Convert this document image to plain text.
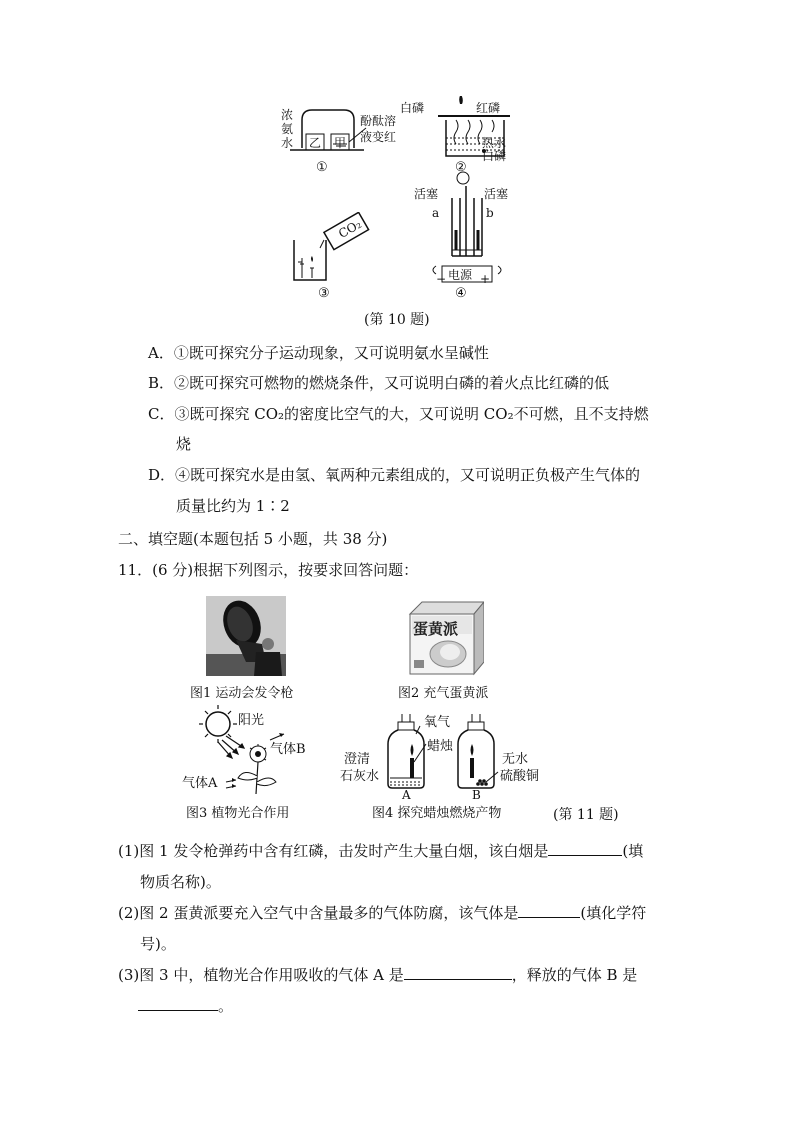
浓
氨
水 乙 甲
酚酞溶
液变红
①
白磷	红磷
热水
白磷
②
CO₂
③
活塞	活塞
a	b
电源
−	+
④
(第 10 题)
A．①既可探究分子运动现象，又可说明氨水呈碱性
B．②既可探究可燃物的燃烧条件，又可说明白磷的着火点比红磷的低
C．③既可探究 CO₂的密度比空气的大，又可说明 CO₂不可燃，且不支持燃
烧
D．④既可探究水是由氢、氧两种元素组成的，又可说明正负极产生气体的
质量比约为 1∶2
二、填空题(本题包括 5 小题，共 38 分)
11．(6 分)根据下列图示，按要求回答问题：
图1 运动会发令枪
蛋黄派
图2 充气蛋黄派
阳光
气体B
气体A
图3 植物光合作用
氧气
蜡烛
澄清
石灰水
无水
硫酸铜
A	B
图4 探究蜡烛燃烧产物	(第 11 题)
(1)图 1 发令枪弹药中含有红磷，击发时产生大量白烟，该白烟是	(填
物质名称)。
(2)图 2 蛋黄派要充入空气中含量最多的气体防腐，该气体是	(填化学符
号)。
(3)图 3 中，植物光合作用吸收的气体 A 是	，释放的气体 B 是
。
